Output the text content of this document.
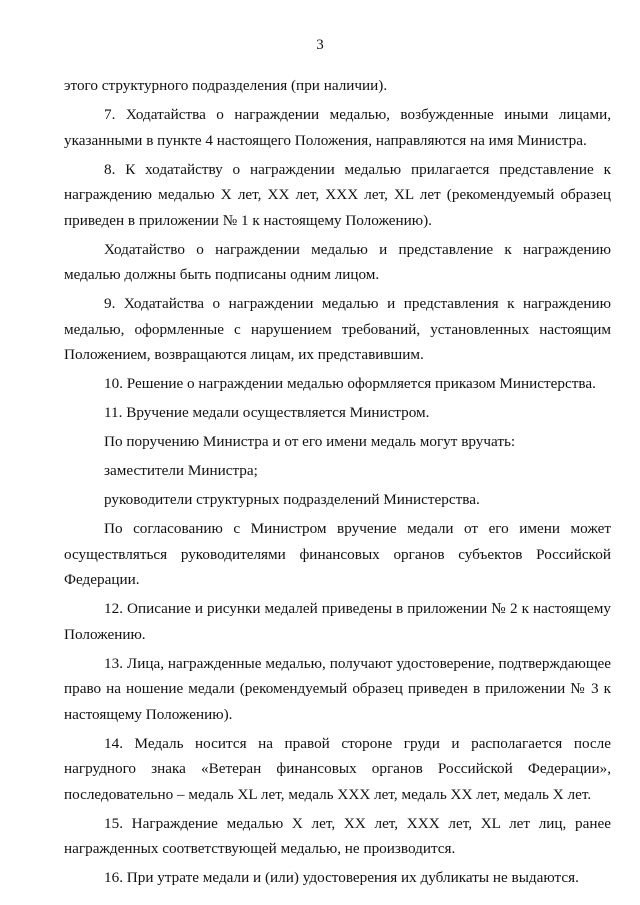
3

этого структурного подразделения (при наличии).

7. Ходатайства о награждении медалью, возбужденные иными лицами, указанными в пункте 4 настоящего Положения, направляются на имя Министра.

8. К ходатайству о награждении медалью прилагается представление к награждению медалью X лет, XX лет, XXX лет, XL лет (рекомендуемый образец приведен в приложении № 1 к настоящему Положению).

Ходатайство о награждении медалью и представление к награждению медалью должны быть подписаны одним лицом.

9. Ходатайства о награждении медалью и представления к награждению медалью, оформленные с нарушением требований, установленных настоящим Положением, возвращаются лицам, их представившим.

10. Решение о награждении медалью оформляется приказом Министерства.

11. Вручение медали осуществляется Министром.

По поручению Министра и от его имени медаль могут вручать:

заместители Министра;

руководители структурных подразделений Министерства.

По согласованию с Министром вручение медали от его имени может осуществляться руководителями финансовых органов субъектов Российской Федерации.

12. Описание и рисунки медалей приведены в приложении № 2 к настоящему Положению.

13. Лица, награжденные медалью, получают удостоверение, подтверждающее право на ношение медали (рекомендуемый образец приведен в приложении № 3 к настоящему Положению).

14. Медаль носится на правой стороне груди и располагается после нагрудного знака «Ветеран финансовых органов Российской Федерации», последовательно – медаль XL лет, медаль XXX лет, медаль XX лет, медаль X лет.

15. Награждение медалью X лет, XX лет, XXX лет, XL лет лиц, ранее награжденных соответствующей медалью, не производится.

16. При утрате медали и (или) удостоверения их дубликаты не выдаются.
